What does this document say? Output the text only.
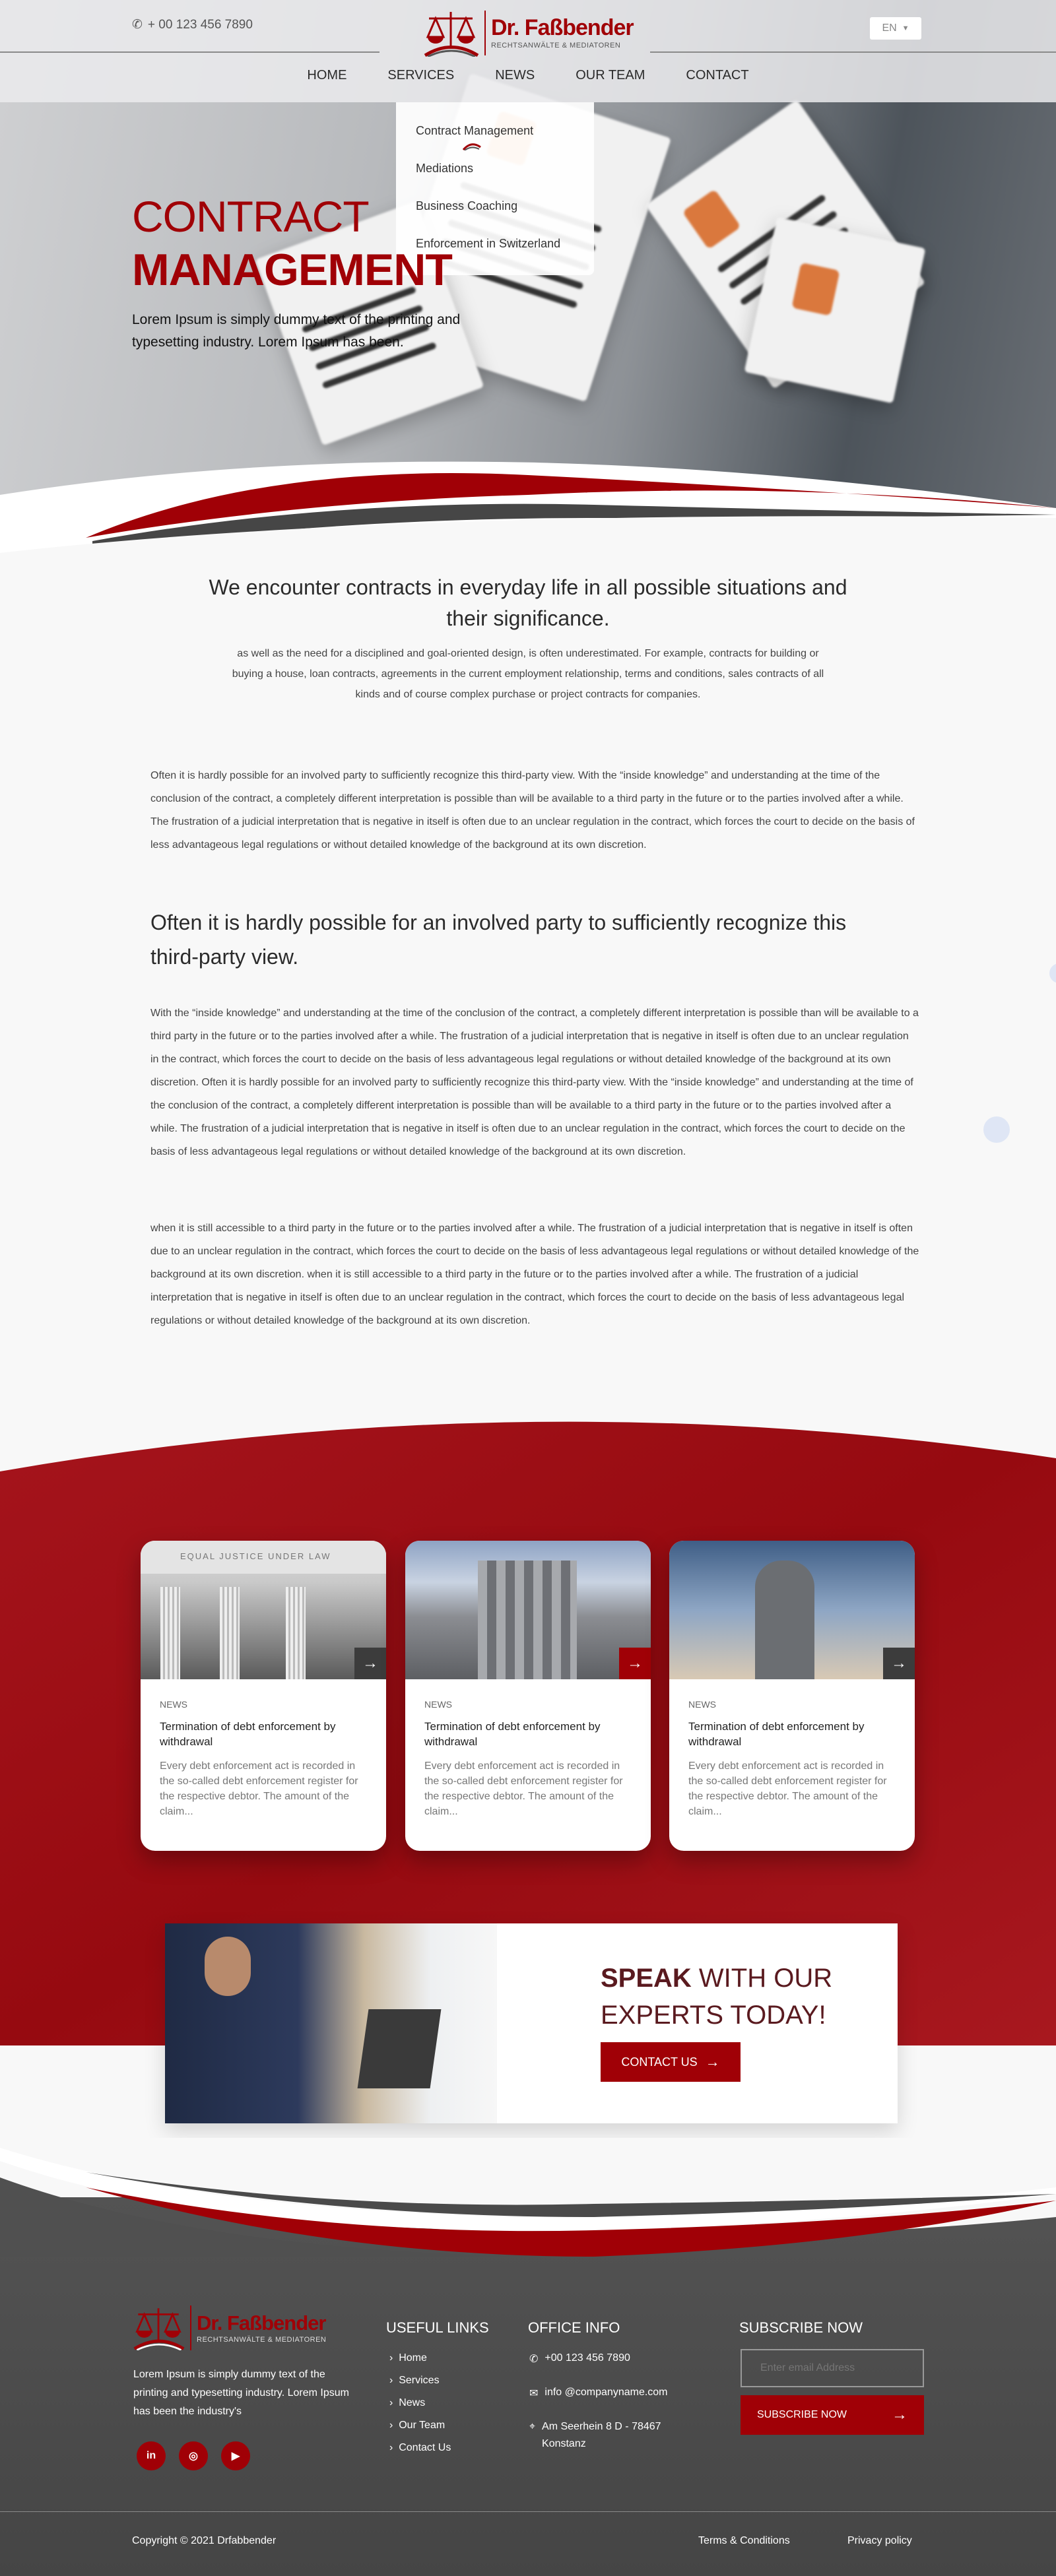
✆ + 00 123 456 7890	Dr. Faßbender
RECHTSANWÄLTE & MEDIATOREN
EN ▼
HOME	SERVICES	NEWS	OUR TEAM	CONTACT
Contract Management
Mediations
Business Coaching
Enforcement in Switzerland
CONTRACT
MANAGEMENT
Lorem Ipsum is simply dummy text of the printing and typesetting industry. Lorem Ipsum has been.
We encounter contracts in everyday life in all possible situations and their significance.
as well as the need for a disciplined and goal-oriented design, is often underestimated. For example, contracts for building or buying a house, loan contracts, agreements in the current employment relationship, terms and conditions, sales contracts of all kinds and of course complex purchase or project contracts for companies.
Often it is hardly possible for an involved party to sufficiently recognize this third-party view. With the “inside knowledge” and understanding at the time of the conclusion of the contract, a completely different interpretation is possible than will be available to a third party in the future or to the parties involved after a while. The frustration of a judicial interpretation that is negative in itself is often due to an unclear regulation in the contract, which forces the court to decide on the basis of less advantageous legal regulations or without detailed knowledge of the background at its own discretion.
Often it is hardly possible for an involved party to sufficiently recognize this third-party view.
With the “inside knowledge” and understanding at the time of the conclusion of the contract, a completely different interpretation is possible than will be available to a third party in the future or to the parties involved after a while. The frustration of a judicial interpretation that is negative in itself is often due to an unclear regulation in the contract, which forces the court to decide on the basis of less advantageous legal regulations or without detailed knowledge of the background at its own discretion. Often it is hardly possible for an involved party to sufficiently recognize this third-party view. With the “inside knowledge” and understanding at the time of the conclusion of the contract, a completely different interpretation is possible than will be available to a third party in the future or to the parties involved after a while. The frustration of a judicial interpretation that is negative in itself is often due to an unclear regulation in the contract, which forces the court to decide on the basis of less advantageous legal regulations or without detailed knowledge of the background at its own discretion.
when it is still accessible to a third party in the future or to the parties involved after a while. The frustration of a judicial interpretation that is negative in itself is often due to an unclear regulation in the contract, which forces the court to decide on the basis of less advantageous legal regulations or without detailed knowledge of the background at its own discretion. when it is still accessible to a third party in the future or to the parties involved after a while. The frustration of a judicial interpretation that is negative in itself is often due to an unclear regulation in the contract, which forces the court to decide on the basis of less advantageous legal regulations or without detailed knowledge of the background at its own discretion.
EQUAL JUSTICE UNDER LAW
→
NEWS
Termination of debt enforcement by withdrawal
Every debt enforcement act is recorded in the so-called debt enforcement register for the respective debtor. The amount of the claim...
→
NEWS
Termination of debt enforcement by withdrawal
Every debt enforcement act is recorded in the so-called debt enforcement register for the respective debtor. The amount of the claim...
→
NEWS
Termination of debt enforcement by withdrawal
Every debt enforcement act is recorded in the so-called debt enforcement register for the respective debtor. The amount of the claim...
SPEAK WITH OUR
EXPERTS TODAY!
CONTACT US →
Dr. Faßbender
RECHTSANWÄLTE & MEDIATOREN
Lorem Ipsum is simply dummy text of the printing and typesetting industry. Lorem Ipsum has been the industry's
in	◎	▶
USEFUL LINKS
›  Home
›  Services
›  News
›  Our Team
›  Contact Us
OFFICE INFO
✆ +00 123 456 7890
✉ info @companyname.com
⌖ Am Seerhein 8 D - 78467 Konstanz
SUBSCRIBE NOW
Enter email Address
SUBSCRIBE NOW	→
Copyright © 2021 Drfabbender	Terms & Conditions	Privacy policy
